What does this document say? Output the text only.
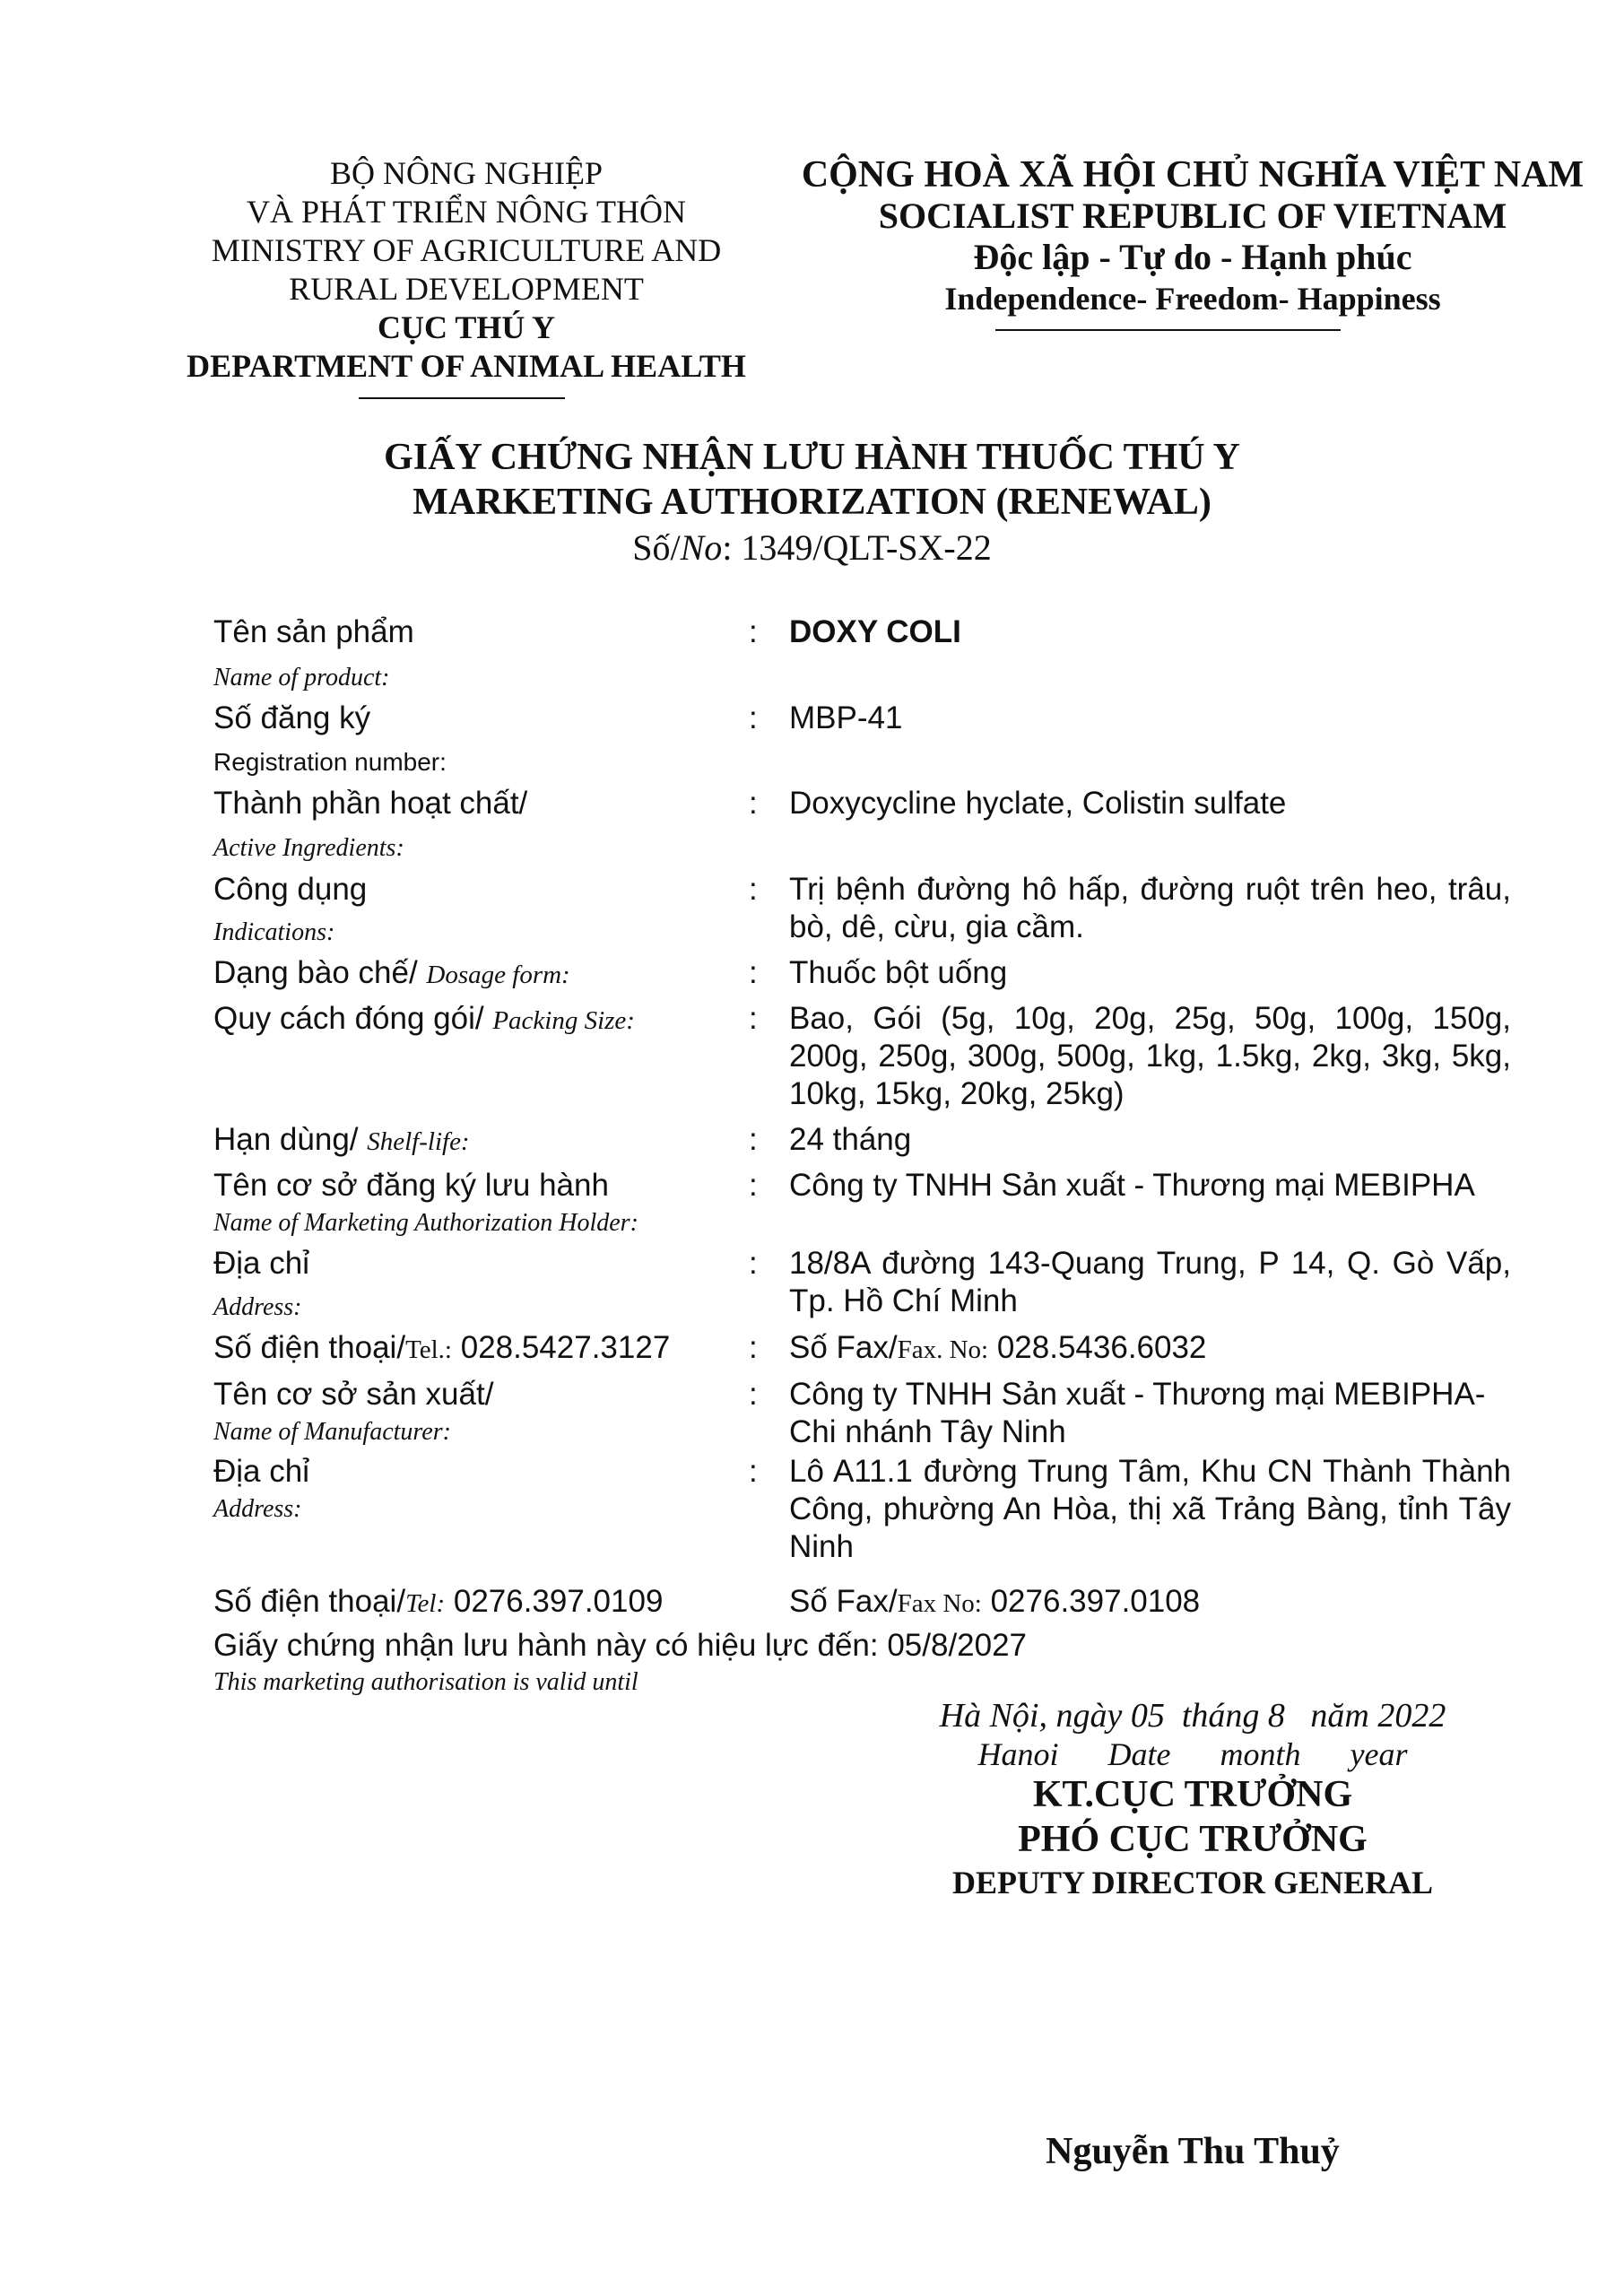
BỘ NÔNG NGHIỆP
VÀ PHÁT TRIỂN NÔNG THÔN
MINISTRY OF AGRICULTURE AND
RURAL DEVELOPMENT
CỤC THÚ Y
DEPARTMENT OF ANIMAL HEALTH
CỘNG HOÀ XÃ HỘI CHỦ NGHĨA VIỆT NAM
SOCIALIST REPUBLIC OF VIETNAM
Độc lập - Tự do - Hạnh phúc
Independence- Freedom- Happiness
GIẤY CHỨNG NHẬN LƯU HÀNH THUỐC THÚ Y
MARKETING AUTHORIZATION (RENEWAL)
Số/No: 1349/QLT-SX-22
Tên sản phẩm
Name of product:
: DOXY COLI
Số đăng ký
Registration number:
: MBP-41
Thành phần hoạt chất/
Active Ingredients:
: Doxycycline hyclate, Colistin sulfate
Công dụng
Indications:
: Trị bệnh đường hô hấp, đường ruột trên heo, trâu, bò, dê, cừu, gia cầm.
Dạng bào chế/ Dosage form:	: Thuốc bột uống
Quy cách đóng gói/ Packing Size:	: Bao, Gói (5g, 10g, 20g, 25g, 50g, 100g, 150g, 200g, 250g, 300g, 500g, 1kg, 1.5kg, 2kg, 3kg, 5kg, 10kg, 15kg, 20kg, 25kg)
Hạn dùng/ Shelf-life:	: 24 tháng
Tên cơ sở đăng ký lưu hành
Name of Marketing Authorization Holder:
: Công ty TNHH Sản xuất - Thương mại MEBIPHA
Địa chỉ
Address:
: 18/8A đường 143-Quang Trung, P 14, Q. Gò Vấp, Tp. Hồ Chí Minh
Số điện thoại/Tel.: 028.5427.3127	: Số Fax/Fax. No: 028.5436.6032
Tên cơ sở sản xuất/
Name of Manufacturer:
: Công ty TNHH Sản xuất - Thương mại MEBIPHA- Chi nhánh Tây Ninh
Địa chỉ
Address:
: Lô A11.1 đường Trung Tâm, Khu CN Thành Thành Công, phường An Hòa, thị xã Trảng Bàng, tỉnh Tây Ninh
Số điện thoại/Tel: 0276.397.0109	Số Fax/Fax No: 0276.397.0108
Giấy chứng nhận lưu hành này có hiệu lực đến: 05/8/2027
This marketing authorisation is valid until
Hà Nội, ngày 05  tháng 8   năm 2022
Hanoi Date month year
KT.CỤC TRƯỞNG
PHÓ CỤC TRƯỞNG
DEPUTY DIRECTOR GENERAL
Nguyễn Thu Thuỷ
